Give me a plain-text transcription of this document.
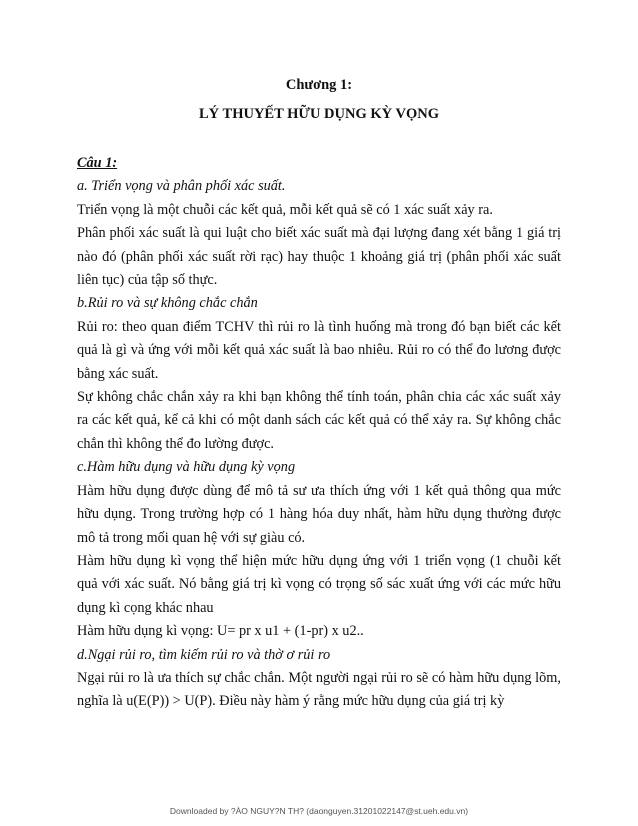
Chương 1:
LÝ THUYẾT HỮU DỤNG KỲ VỌNG

Câu 1:

a. Triển vọng và phân phối xác suất.

Triển vọng là một chuỗi các kết quả, mỗi kết quả sẽ có 1 xác suất xảy ra.

Phân phối xác suất là qui luật cho biết xác suất mà đại lượng đang xét bằng 1 giá trị nào đó (phân phối xác suất rời rạc) hay thuộc 1 khoảng giá trị (phân phối xác suất liên tục) của tập số thực.

b.Rủi ro và sự không chắc chắn

Rủi ro: theo quan điểm TCHV thì rủi ro là tình huống mà trong đó bạn biết các kết quả là gì và ứng với mỗi kết quả xác suất là bao nhiêu. Rủi ro có thể đo lương được bằng xác suất.

Sự không chắc chắn xảy ra khi bạn không thể tính toán, phân chia các xác suất xảy ra các kết quả, kể cả khi có một danh sách các kết quả có thể xảy ra. Sự không chắc chắn thì không thể đo lường được.

c.Hàm hữu dụng và hữu dụng kỳ vọng

Hàm hữu dụng được dùng để mô tả sư ưa thích ứng với 1 kết quả thông qua mức hữu dụng. Trong trường hợp có 1 hàng hóa duy nhất, hàm hữu dụng thường được mô tả trong mối quan hệ với sự giàu có.

Hàm hữu dụng kì vọng thể hiện mức hữu dụng ứng với 1 triển vọng (1 chuỗi kết quả với xác suất. Nó bằng giá trị kì vọng có trọng số sác xuất ứng với các mức hữu dụng kì cọng khác nhau

Hàm hữu dụng kì vọng: U= pr x u1 + (1-pr) x u2..

d.Ngại rủi ro, tìm kiếm rủi ro và thờ ơ rủi ro

Ngại rủi ro là ưa thích sự chắc chắn. Một người ngại rủi ro sẽ có hàm hữu dụng lõm, nghĩa là u(E(P)) > U(P). Điều này hàm ý rằng mức hữu dụng của giá trị kỳ

Downloaded by ?ÀO NGUY?N TH? (daonguyen.31201022147@st.ueh.edu.vn)
